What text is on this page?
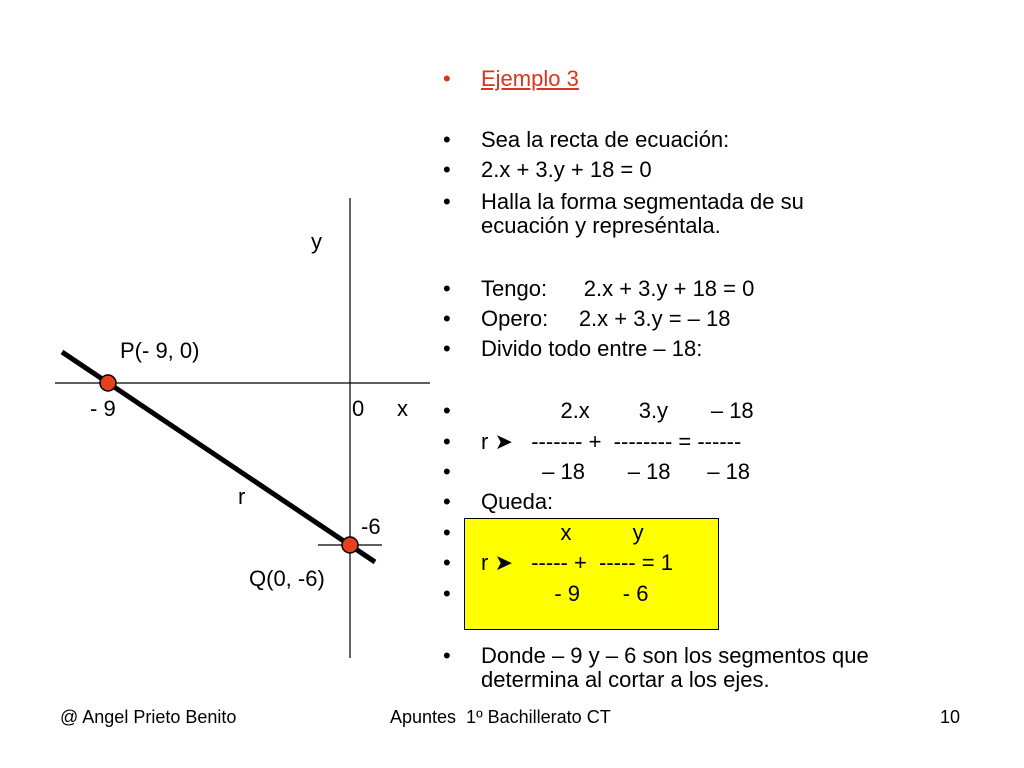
y
x
0
- 9
-6
r
P(- 9, 0)
Q(0, -6)
•
•
•
•
•
•
•
•
•
•
•
•
•
•
•
Ejemplo 3
Sea la recta de ecuación:
2.x + 3.y + 18 = 0
Halla la forma segmentada de su
ecuación y represéntala.
Tengo:      2.x + 3.y + 18 = 0
Opero:     2.x + 3.y = – 18
Divido todo entre – 18:
2.x        3.y       – 18
r ➤   ------- +  -------- = ------
– 18       – 18      – 18
Queda:
x          y
r ➤   ----- +  ----- = 1
- 9       - 6
Donde – 9 y – 6 son los segmentos que
determina al cortar a los ejes.
@ Angel Prieto Benito	Apuntes  1º Bachillerato CT	10
